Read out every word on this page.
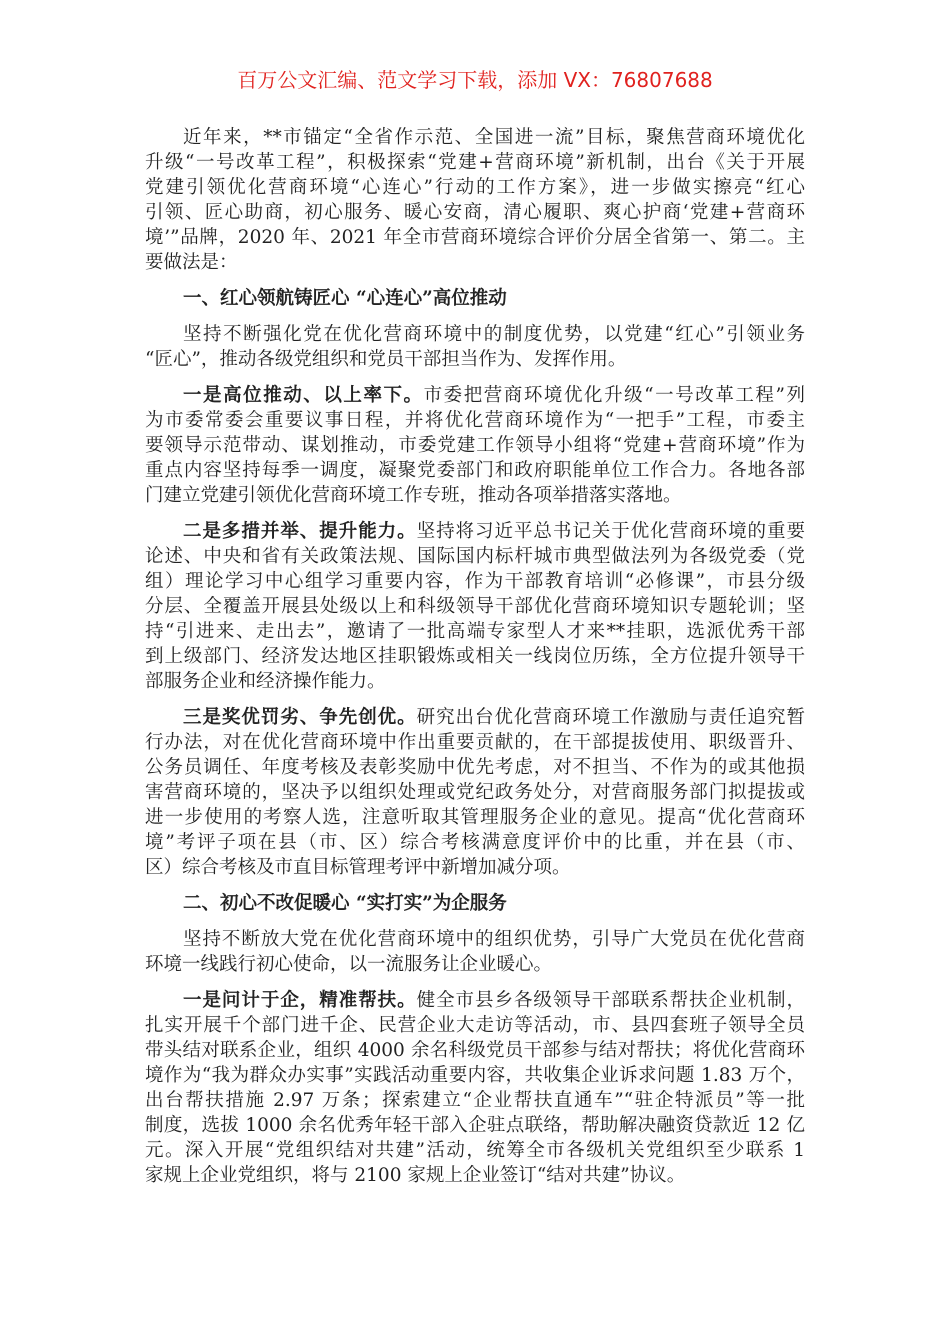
百万公文汇编、范文学习下载，添加 VX：76807688
近年来，**市锚定“全省作示范、全国进一流”目标，聚焦营商环境优化
升级“一号改革工程”，积极探索“党建+营商环境”新机制，出台《关于开展
党建引领优化营商环境“心连心”行动的工作方案》，进一步做实擦亮“红心
引领、匠心助商，初心服务、暖心安商，清心履职、爽心护商‘党建+营商环
境’”品牌，2020 年、2021 年全市营商环境综合评价分居全省第一、第二。主
要做法是：
一、红心领航铸匠心 “心连心”高位推动
坚持不断强化党在优化营商环境中的制度优势，以党建“红心”引领业务
“匠心”，推动各级党组织和党员干部担当作为、发挥作用。
一是高位推动、以上率下。市委把营商环境优化升级“一号改革工程”列
为市委常委会重要议事日程，并将优化营商环境作为“一把手”工程，市委主
要领导示范带动、谋划推动，市委党建工作领导小组将“党建+营商环境”作为
重点内容坚持每季一调度，凝聚党委部门和政府职能单位工作合力。各地各部
门建立党建引领优化营商环境工作专班，推动各项举措落实落地。
二是多措并举、提升能力。坚持将习近平总书记关于优化营商环境的重要
论述、中央和省有关政策法规、国际国内标杆城市典型做法列为各级党委（党
组）理论学习中心组学习重要内容，作为干部教育培训“必修课”，市县分级
分层、全覆盖开展县处级以上和科级领导干部优化营商环境知识专题轮训；坚
持“引进来、走出去”，邀请了一批高端专家型人才来**挂职，选派优秀干部
到上级部门、经济发达地区挂职锻炼或相关一线岗位历练，全方位提升领导干
部服务企业和经济操作能力。
三是奖优罚劣、争先创优。研究出台优化营商环境工作激励与责任追究暂
行办法，对在优化营商环境中作出重要贡献的，在干部提拔使用、职级晋升、
公务员调任、年度考核及表彰奖励中优先考虑，对不担当、不作为的或其他损
害营商环境的，坚决予以组织处理或党纪政务处分，对营商服务部门拟提拔或
进一步使用的考察人选，注意听取其管理服务企业的意见。提高“优化营商环
境”考评子项在县（市、区）综合考核满意度评价中的比重，并在县（市、
区）综合考核及市直目标管理考评中新增加减分项。
二、初心不改促暖心 “实打实”为企服务
坚持不断放大党在优化营商环境中的组织优势，引导广大党员在优化营商
环境一线践行初心使命，以一流服务让企业暖心。
一是问计于企，精准帮扶。健全市县乡各级领导干部联系帮扶企业机制，
扎实开展千个部门进千企、民营企业大走访等活动，市、县四套班子领导全员
带头结对联系企业，组织 4000 余名科级党员干部参与结对帮扶；将优化营商环
境作为“我为群众办实事”实践活动重要内容，共收集企业诉求问题 1.83 万个，
出台帮扶措施 2.97 万条；探索建立“企业帮扶直通车”“驻企特派员”等一批
制度，选拔 1000 余名优秀年轻干部入企驻点联络，帮助解决融资贷款近 12 亿
元。深入开展“党组织结对共建”活动，统筹全市各级机关党组织至少联系 1
家规上企业党组织，将与 2100 家规上企业签订“结对共建”协议。
